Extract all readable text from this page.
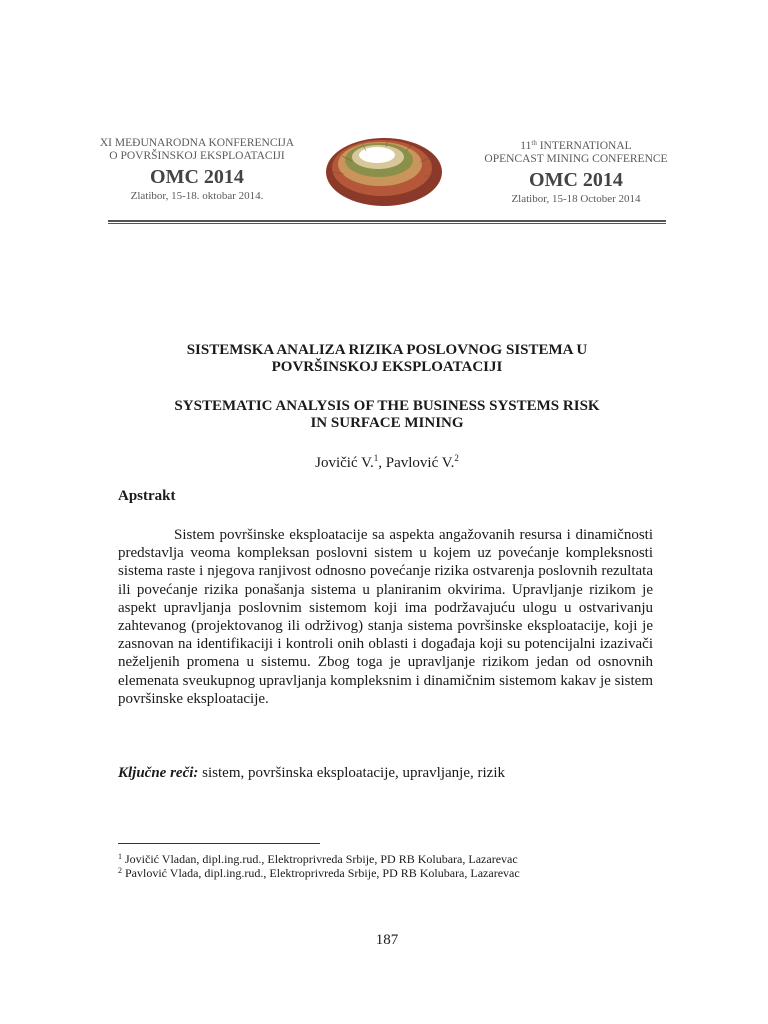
XI MEĐUNARODNA KONFERENCIJA
O POVRŠINSKOJ EKSPLOATACIJI
OMC 2014
Zlatibor, 15-18. oktobar 2014.
11th INTERNATIONAL
OPENCAST MINING CONFERENCE
OMC 2014
Zlatibor, 15-18 October 2014
SISTEMSKA ANALIZA RIZIKA POSLOVNOG SISTEMA U
POVRŠINSKOJ EKSPLOATACIJI
SYSTEMATIC ANALYSIS OF THE BUSINESS SYSTEMS RISK
IN SURFACE MINING
Jovičić V.$^1$, Pavlović V.$^2$
Apstrakt

Sistem površinske eksploatacije sa aspekta angažovanih resursa i dinamičnosti predstavlja veoma kompleksan poslovni sistem u kojem uz povećanje kompleksnosti sistema raste i njegova ranjivost odnosno povećanje rizika ostvarenja poslovnih rezultata ili povećanje rizika ponašanja sistema u planiranim okvirima. Upravljanje rizikom je aspekt upravljanja poslovnim sistemom koji ima podržavajuću ulogu u ostvarivanju zahtevanog (projektovanog ili održivog) stanja sistema površinske eksploatacije, koji je zasnovan na identifikaciji i kontroli onih oblasti i događaja koji su potencijalni izazivači neželjenih promena u sistemu. Zbog toga je upravljanje rizikom jedan od osnovnih elemenata sveukupnog upravljanja kompleksnim i dinamičnim sistemom kakav je sistem površinske eksploatacije.

Ključne reči: sistem, površinska eksploatacije, upravljanje, rizik
$^1$ Jovičić Vladan, dipl.ing.rud., Elektroprivreda Srbije, PD RB Kolubara, Lazarevac
$^2$ Pavlović Vlada, dipl.ing.rud., Elektroprivreda Srbije, PD RB Kolubara, Lazarevac
187
